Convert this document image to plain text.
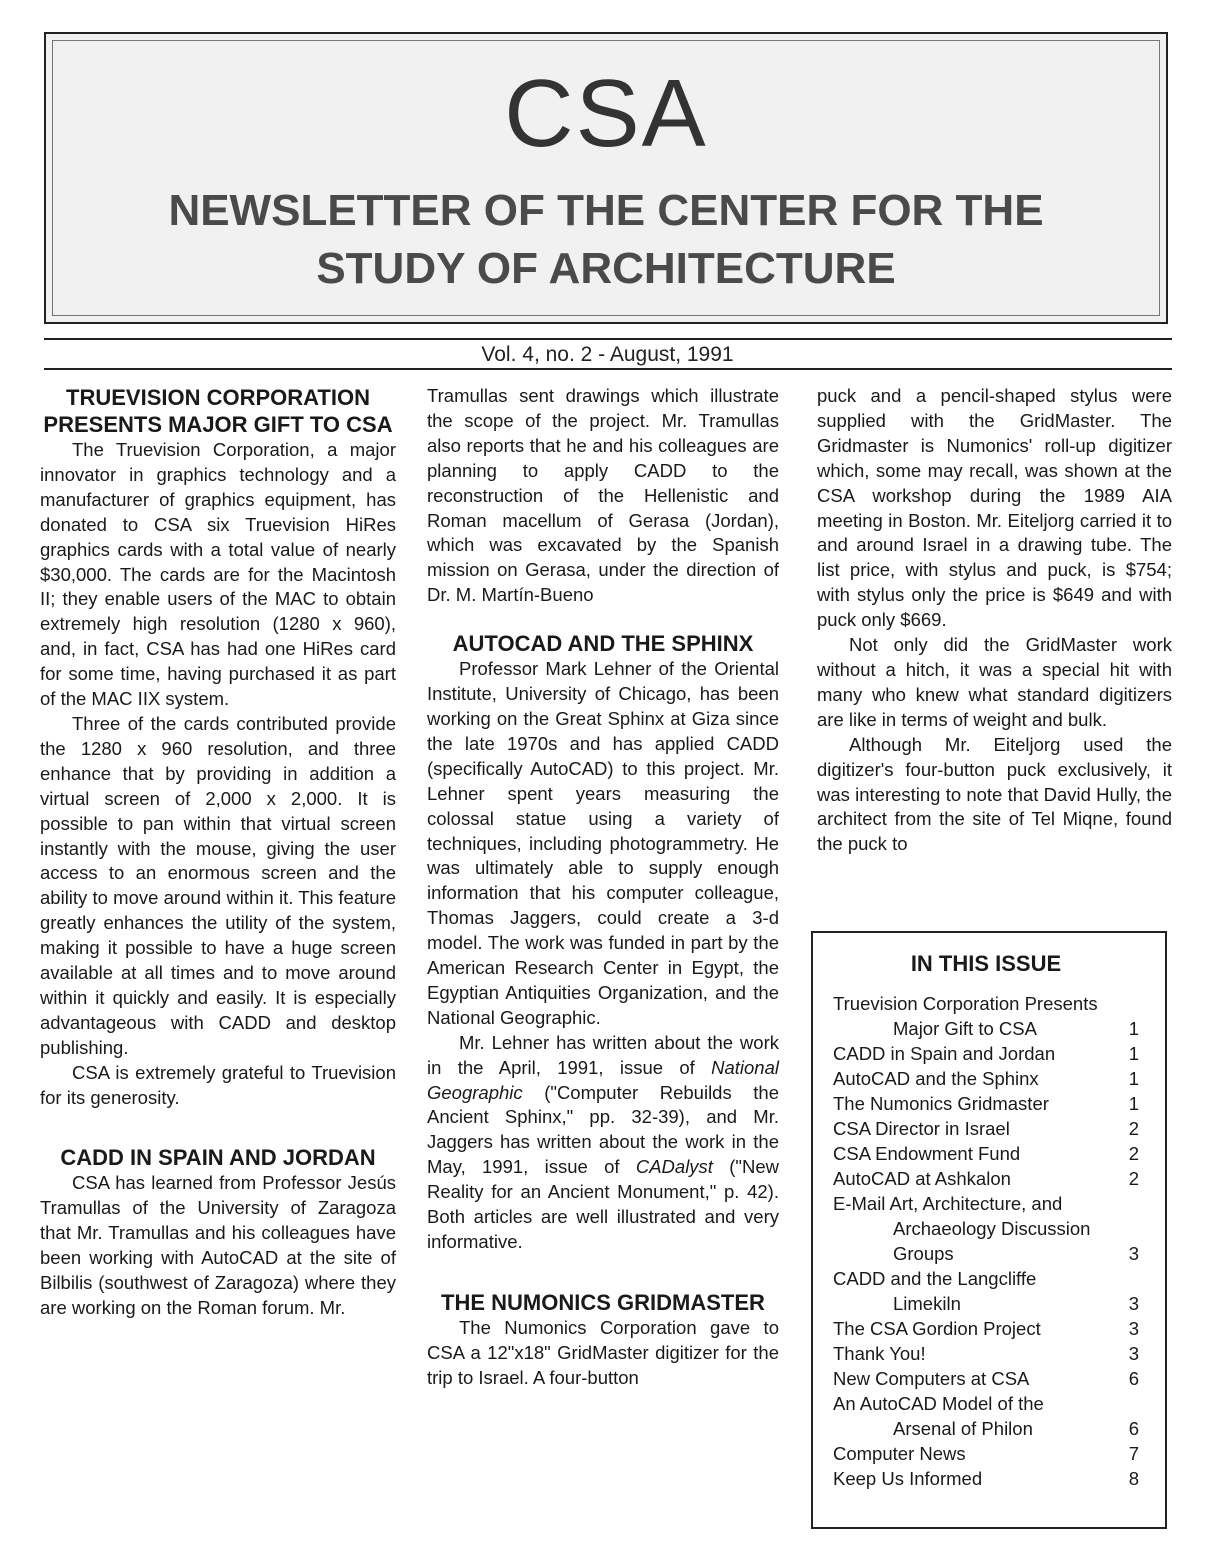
CSA
NEWSLETTER OF THE CENTER FOR THE
STUDY OF ARCHITECTURE
Vol. 4, no. 2 - August, 1991
TRUEVISION CORPORATION PRESENTS MAJOR GIFT TO CSA

The Truevision Corporation, a major innovator in graphics technology and a manufacturer of graphics equipment, has donated to CSA six Truevision HiRes graphics cards with a total value of nearly $30,000. The cards are for the Macintosh II; they enable users of the MAC to obtain extremely high resolution (1280 x 960), and, in fact, CSA has had one HiRes card for some time, having purchased it as part of the MAC IIX system.

Three of the cards contributed provide the 1280 x 960 resolution, and three enhance that by providing in addition a virtual screen of 2,000 x 2,000. It is possible to pan within that virtual screen instantly with the mouse, giving the user access to an enormous screen and the ability to move around within it. This feature greatly enhances the utility of the system, making it possible to have a huge screen available at all times and to move around within it quickly and easily. It is especially advantageous with CADD and desktop publishing.

CSA is extremely grateful to Truevision for its generosity.

CADD IN SPAIN AND JORDAN

CSA has learned from Professor Jesús Tramullas of the University of Zaragoza that Mr. Tramullas and his colleagues have been working with AutoCAD at the site of Bilbilis (southwest of Zaragoza) where they are working on the Roman forum. Mr.

Tramullas sent drawings which illustrate the scope of the project. Mr. Tramullas also reports that he and his colleagues are planning to apply CADD to the reconstruction of the Hellenistic and Roman macellum of Gerasa (Jordan), which was excavated by the Spanish mission on Gerasa, under the direction of Dr. M. Martín-Bueno

AUTOCAD AND THE SPHINX

Professor Mark Lehner of the Oriental Institute, University of Chicago, has been working on the Great Sphinx at Giza since the late 1970s and has applied CADD (specifically AutoCAD) to this project. Mr. Lehner spent years measuring the colossal statue using a variety of techniques, including photogrammetry. He was ultimately able to supply enough information that his computer colleague, Thomas Jaggers, could create a 3-d model. The work was funded in part by the American Research Center in Egypt, the Egyptian Antiquities Organization, and the National Geographic.

Mr. Lehner has written about the work in the April, 1991, issue of National Geographic ("Computer Rebuilds the Ancient Sphinx," pp. 32-39), and Mr. Jaggers has written about the work in the May, 1991, issue of CADalyst ("New Reality for an Ancient Monument," p. 42). Both articles are well illustrated and very informative.

THE NUMONICS GRIDMASTER

The Numonics Corporation gave to CSA a 12"x18" GridMaster digitizer for the trip to Israel. A four-button

puck and a pencil-shaped stylus were supplied with the GridMaster. The Gridmaster is Numonics' roll-up digitizer which, some may recall, was shown at the CSA workshop during the 1989 AIA meeting in Boston. Mr. Eiteljorg carried it to and around Israel in a drawing tube. The list price, with stylus and puck, is $754; with stylus only the price is $649 and with puck only $669.

Not only did the GridMaster work without a hitch, it was a special hit with many who knew what standard digitizers are like in terms of weight and bulk.

Although Mr. Eiteljorg used the digitizer's four-button puck exclusively, it was interesting to note that David Hully, the architect from the site of Tel Miqne, found the puck to

IN THIS ISSUE
Truevision Corporation Presents
Major Gift to CSA	1
CADD in Spain and Jordan	1
AutoCAD and the Sphinx	1
The Numonics Gridmaster	1
CSA Director in Israel	2
CSA Endowment Fund	2
AutoCAD at Ashkalon	2
E-Mail Art, Architecture, and
Archaeology Discussion Groups	3
CADD and the Langcliffe
Limekiln	3
The CSA Gordion Project	3
Thank You!	3
New Computers at CSA	6
An AutoCAD Model of the
Arsenal of Philon	6
Computer News	7
Keep Us Informed	8
